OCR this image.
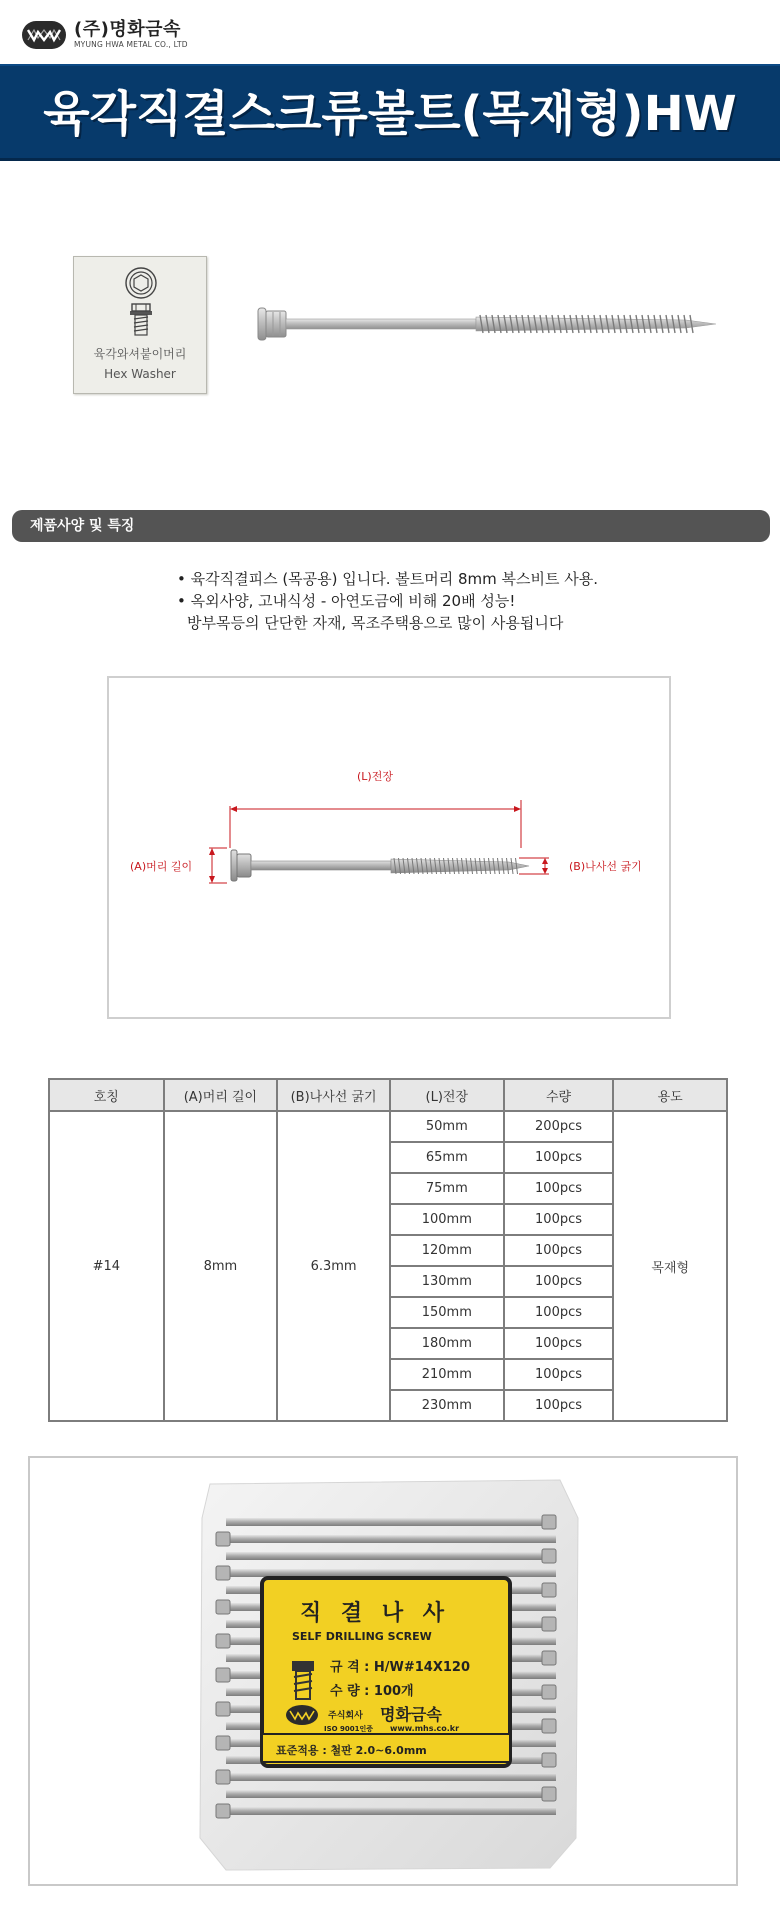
(주)명화금속
MYUNG HWA METAL CO., LTD
육각직결스크류볼트(목재형)HW
육각와셔붙이머리
Hex Washer
제품사양 및 특징
• 육각직결피스 (목공용) 입니다. 볼트머리 8mm 복스비트 사용.
• 옥외사양, 고내식성 - 아연도금에 비해 20배 성능!
방부목등의 단단한 자재, 목조주택용으로 많이 사용됩니다
(L)전장
(A)머리 길이	(B)나사선 굵기
호칭	(A)머리 길이	(B)나사선 굵기	(L)전장	수량	용도
#14	8mm	6.3mm	50mm	200pcs	목재형
			65mm	100pcs	
			75mm	100pcs	
			100mm	100pcs	
			120mm	100pcs	
			130mm	100pcs	
			150mm	100pcs	
			180mm	100pcs	
			210mm	100pcs	
			230mm	100pcs	
직 결 나 사
SELF DRILLING SCREW
규 격 : H/W#14X120
수 량 : 100개
주식회사 명화금속
ISO 9001인증 www.mhs.co.kr
표준적용 : 철판 2.0~6.0mm
